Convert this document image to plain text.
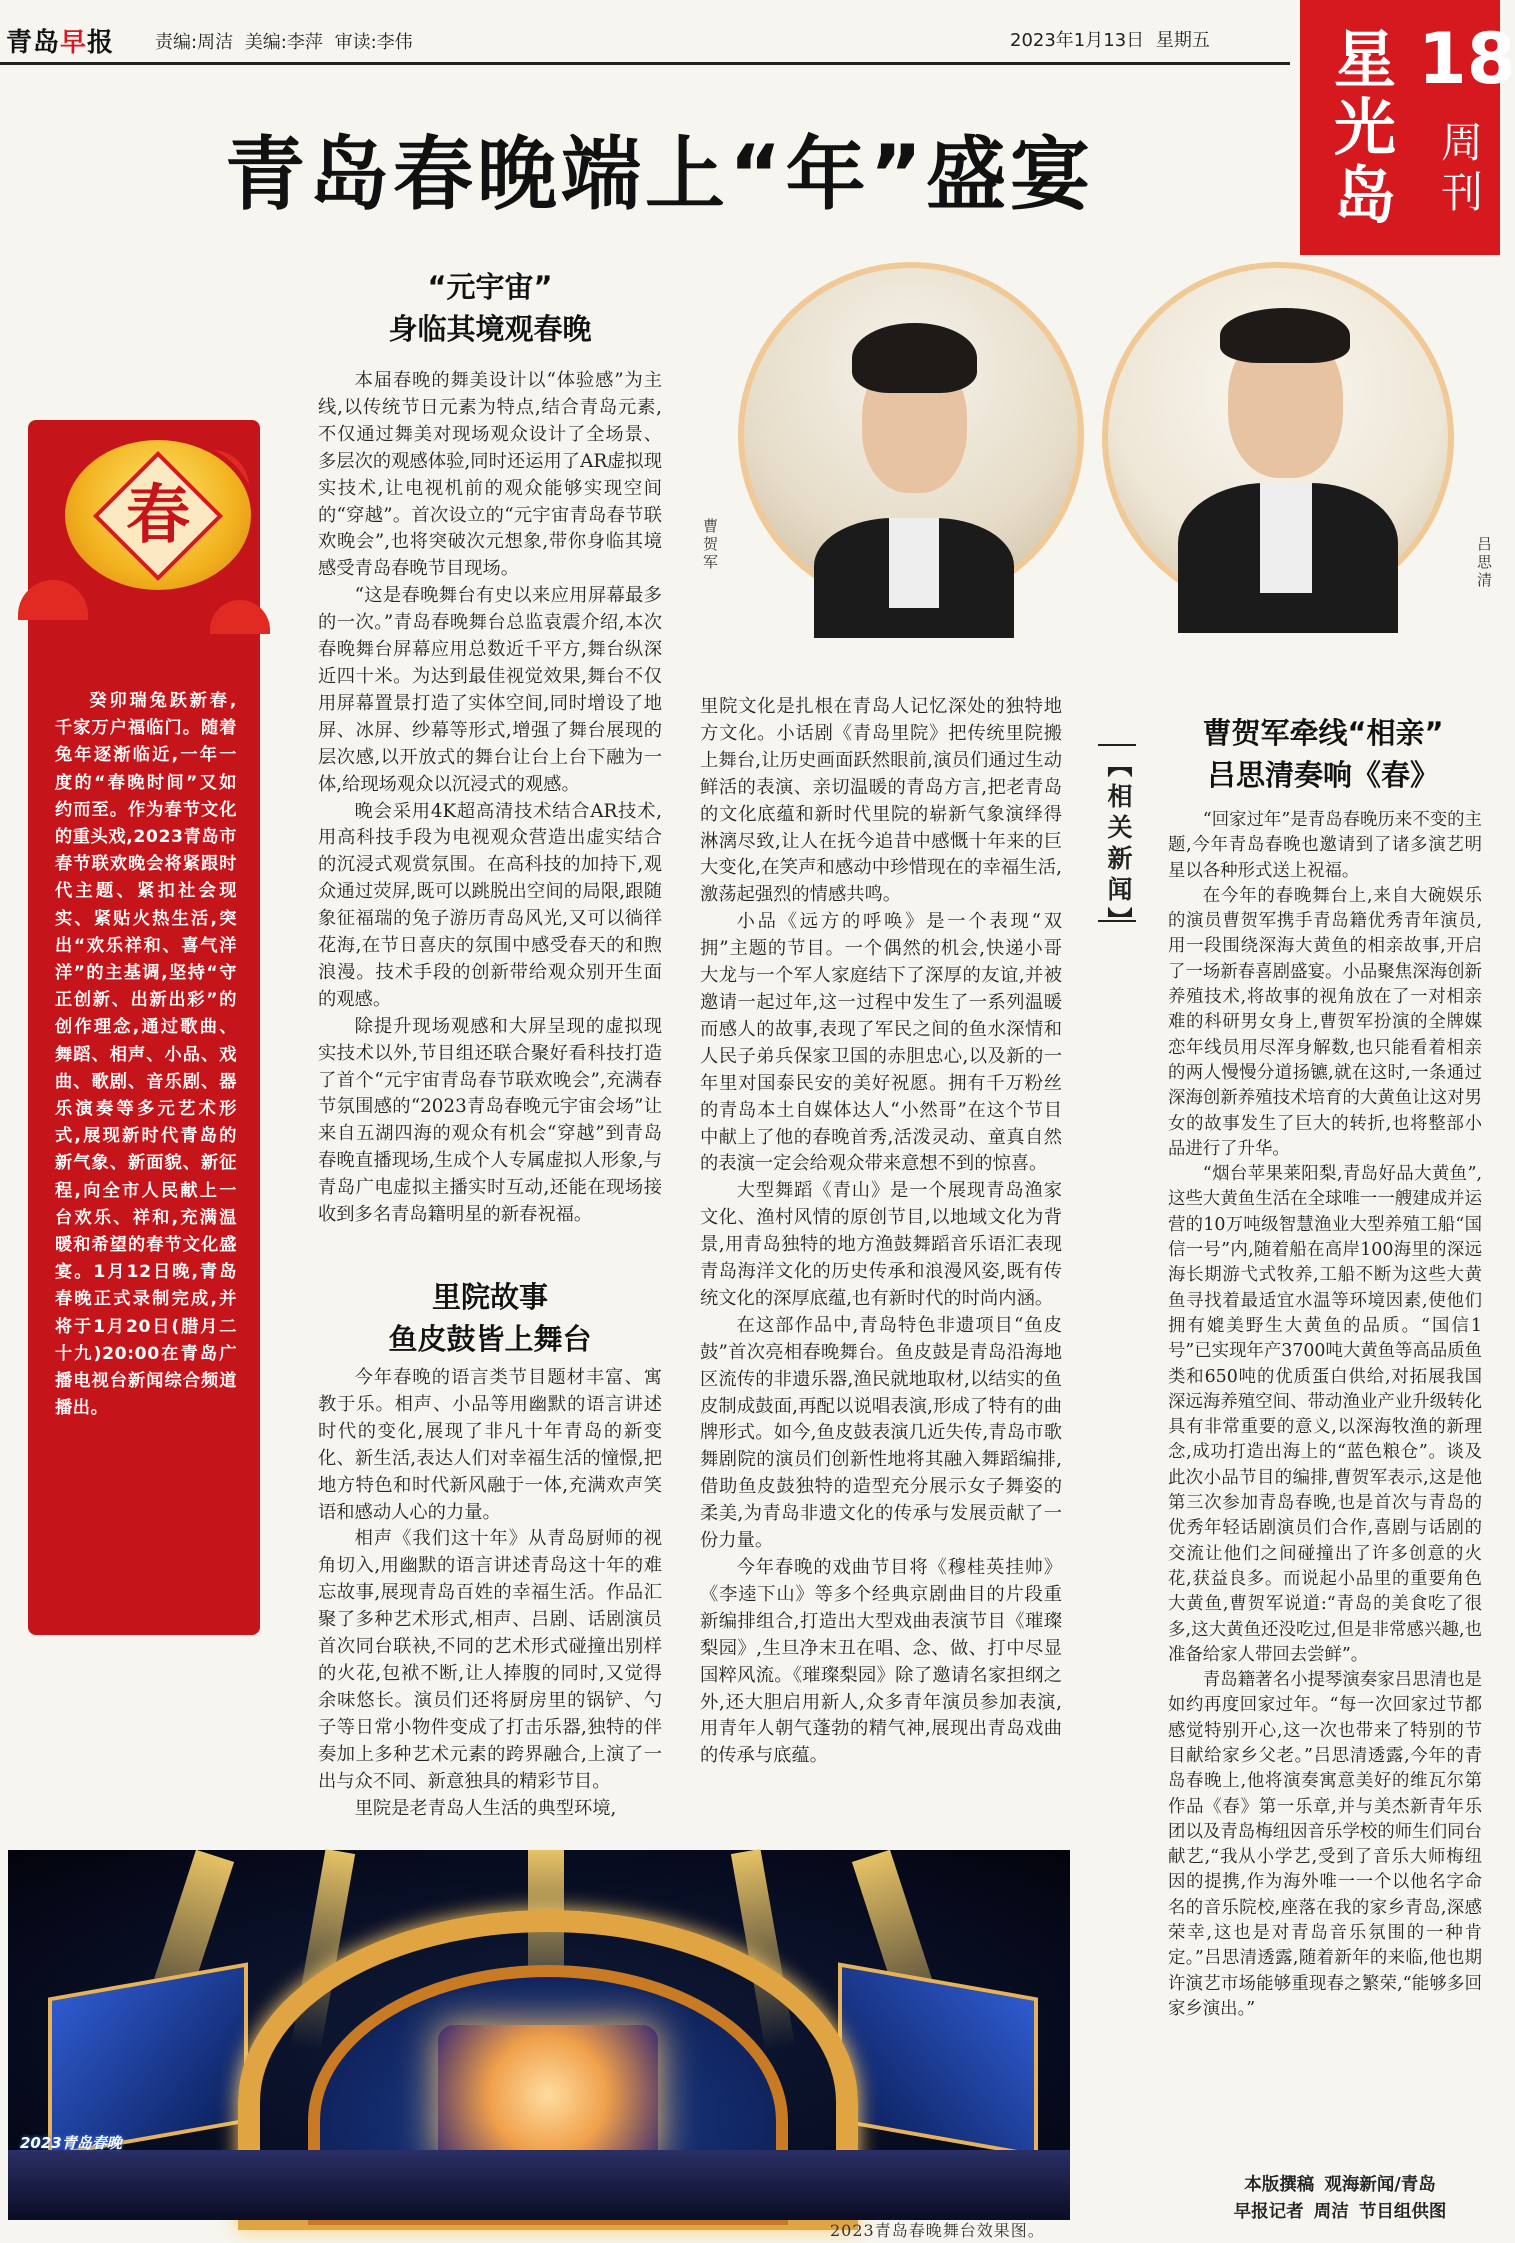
青岛早报 责编:周洁 美编:李萍 审读:李伟	2023年1月13日 星期五 星光岛
18
周刊
青岛春晚端上“年”盛宴
春

癸卯瑞兔跃新春,千家万户福临门。随着兔年逐渐临近,一年一度的“春晚时间”又如约而至。作为春节文化的重头戏,2023青岛市春节联欢晚会将紧跟时代主题、紧扣社会现实、紧贴火热生活,突出“欢乐祥和、喜气洋洋”的主基调,坚持“守正创新、出新出彩”的创作理念,通过歌曲、舞蹈、相声、小品、戏曲、歌剧、音乐剧、器乐演奏等多元艺术形式,展现新时代青岛的新气象、新面貌、新征程,向全市人民献上一台欢乐、祥和,充满温暖和希望的春节文化盛宴。1月12日晚,青岛春晚正式录制完成,并将于1月20日(腊月二十九)20:00在青岛广播电视台新闻综合频道播出。

“元宇宙”
身临其境观春晚

本届春晚的舞美设计以“体验感”为主线,以传统节日元素为特点,结合青岛元素,不仅通过舞美对现场观众设计了全场景、多层次的观感体验,同时还运用了AR虚拟现实技术,让电视机前的观众能够实现空间的“穿越”。首次设立的“元宇宙青岛春节联欢晚会”,也将突破次元想象,带你身临其境感受青岛春晚节目现场。

“这是春晚舞台有史以来应用屏幕最多的一次。”青岛春晚舞台总监袁震介绍,本次春晚舞台屏幕应用总数近千平方,舞台纵深近四十米。为达到最佳视觉效果,舞台不仅用屏幕置景打造了实体空间,同时增设了地屏、冰屏、纱幕等形式,增强了舞台展现的层次感,以开放式的舞台让台上台下融为一体,给现场观众以沉浸式的观感。

晚会采用4K超高清技术结合AR技术,用高科技手段为电视观众营造出虚实结合的沉浸式观赏氛围。在高科技的加持下,观众通过荧屏,既可以跳脱出空间的局限,跟随象征福瑞的兔子游历青岛风光,又可以徜徉花海,在节日喜庆的氛围中感受春天的和煦浪漫。技术手段的创新带给观众别开生面的观感。

除提升现场观感和大屏呈现的虚拟现实技术以外,节目组还联合聚好看科技打造了首个“元宇宙青岛春节联欢晚会”,充满春节氛围感的“2023青岛春晚元宇宙会场”让来自五湖四海的观众有机会“穿越”到青岛春晚直播现场,生成个人专属虚拟人形象,与青岛广电虚拟主播实时互动,还能在现场接收到多名青岛籍明星的新春祝福。

里院故事
鱼皮鼓皆上舞台

今年春晚的语言类节目题材丰富、寓教于乐。相声、小品等用幽默的语言讲述时代的变化,展现了非凡十年青岛的新变化、新生活,表达人们对幸福生活的憧憬,把地方特色和时代新风融于一体,充满欢声笑语和感动人心的力量。

相声《我们这十年》从青岛厨师的视角切入,用幽默的语言讲述青岛这十年的难忘故事,展现青岛百姓的幸福生活。作品汇聚了多种艺术形式,相声、吕剧、话剧演员首次同台联袂,不同的艺术形式碰撞出别样的火花,包袱不断,让人捧腹的同时,又觉得余味悠长。演员们还将厨房里的锅铲、勺子等日常小物件变成了打击乐器,独特的伴奏加上多种艺术元素的跨界融合,上演了一出与众不同、新意独具的精彩节目。

里院是老青岛人生活的典型环境,

里院文化是扎根在青岛人记忆深处的独特地方文化。小话剧《青岛里院》把传统里院搬上舞台,让历史画面跃然眼前,演员们通过生动鲜活的表演、亲切温暖的青岛方言,把老青岛的文化底蕴和新时代里院的崭新气象演绎得淋漓尽致,让人在抚今追昔中感慨十年来的巨大变化,在笑声和感动中珍惜现在的幸福生活,激荡起强烈的情感共鸣。

小品《远方的呼唤》是一个表现“双拥”主题的节目。一个偶然的机会,快递小哥大龙与一个军人家庭结下了深厚的友谊,并被邀请一起过年,这一过程中发生了一系列温暖而感人的故事,表现了军民之间的鱼水深情和人民子弟兵保家卫国的赤胆忠心,以及新的一年里对国泰民安的美好祝愿。拥有千万粉丝的青岛本土自媒体达人“小然哥”在这个节目中献上了他的春晚首秀,活泼灵动、童真自然的表演一定会给观众带来意想不到的惊喜。

大型舞蹈《青山》是一个展现青岛渔家文化、渔村风情的原创节目,以地域文化为背景,用青岛独特的地方渔鼓舞蹈音乐语汇表现青岛海洋文化的历史传承和浪漫风姿,既有传统文化的深厚底蕴,也有新时代的时尚内涵。

在这部作品中,青岛特色非遗项目“鱼皮鼓”首次亮相春晚舞台。鱼皮鼓是青岛沿海地区流传的非遗乐器,渔民就地取材,以结实的鱼皮制成鼓面,再配以说唱表演,形成了特有的曲牌形式。如今,鱼皮鼓表演几近失传,青岛市歌舞剧院的演员们创新性地将其融入舞蹈编排,借助鱼皮鼓独特的造型充分展示女子舞姿的柔美,为青岛非遗文化的传承与发展贡献了一份力量。

今年春晚的戏曲节目将《穆桂英挂帅》《李逵下山》等多个经典京剧曲目的片段重新编排组合,打造出大型戏曲表演节目《璀璨梨园》,生旦净末丑在唱、念、做、打中尽显国粹风流。《璀璨梨园》除了邀请名家担纲之外,还大胆启用新人,众多青年演员参加表演,用青年人朝气蓬勃的精气神,展现出青岛戏曲的传承与底蕴。

曹贺军	吕思清
【相关新闻】
曹贺军牵线“相亲”
吕思清奏响《春》

“回家过年”是青岛春晚历来不变的主题,今年青岛春晚也邀请到了诸多演艺明星以各种形式送上祝福。

在今年的春晚舞台上,来自大碗娱乐的演员曹贺军携手青岛籍优秀青年演员,用一段围绕深海大黄鱼的相亲故事,开启了一场新春喜剧盛宴。小品聚焦深海创新养殖技术,将故事的视角放在了一对相亲难的科研男女身上,曹贺军扮演的全牌媒恋年线员用尽浑身解数,也只能看着相亲的两人慢慢分道扬镳,就在这时,一条通过深海创新养殖技术培育的大黄鱼让这对男女的故事发生了巨大的转折,也将整部小品进行了升华。

“烟台苹果莱阳梨,青岛好品大黄鱼”,这些大黄鱼生活在全球唯一一艘建成并运营的10万吨级智慧渔业大型养殖工船“国信一号”内,随着船在高岸100海里的深远海长期游弋式牧养,工船不断为这些大黄鱼寻找着最适宜水温等环境因素,使他们拥有媲美野生大黄鱼的品质。“国信1号”已实现年产3700吨大黄鱼等高品质鱼类和650吨的优质蛋白供给,对拓展我国深远海养殖空间、带动渔业产业升级转化具有非常重要的意义,以深海牧渔的新理念,成功打造出海上的“蓝色粮仓”。谈及此次小品节目的编排,曹贺军表示,这是他第三次参加青岛春晚,也是首次与青岛的优秀年轻话剧演员们合作,喜剧与话剧的交流让他们之间碰撞出了许多创意的火花,获益良多。而说起小品里的重要角色大黄鱼,曹贺军说道:“青岛的美食吃了很多,这大黄鱼还没吃过,但是非常感兴趣,也准备给家人带回去尝鲜”。

青岛籍著名小提琴演奏家吕思清也是如约再度回家过年。“每一次回家过节都感觉特别开心,这一次也带来了特别的节目献给家乡父老。”吕思清透露,今年的青岛春晚上,他将演奏寓意美好的维瓦尔第作品《春》第一乐章,并与美杰新青年乐团以及青岛梅纽因音乐学校的师生们同台献艺,“我从小学艺,受到了音乐大师梅纽因的提携,作为海外唯一一个以他名字命名的音乐院校,座落在我的家乡青岛,深感荣幸,这也是对青岛音乐氛围的一种肯定。”吕思清透露,随着新年的来临,他也期许演艺市场能够重现春之繁荣,“能够多回家乡演出。”

本版撰稿 观海新闻/青岛
早报记者 周洁 节目组供图
2023青岛春晚
2023青岛春晚舞台效果图。
